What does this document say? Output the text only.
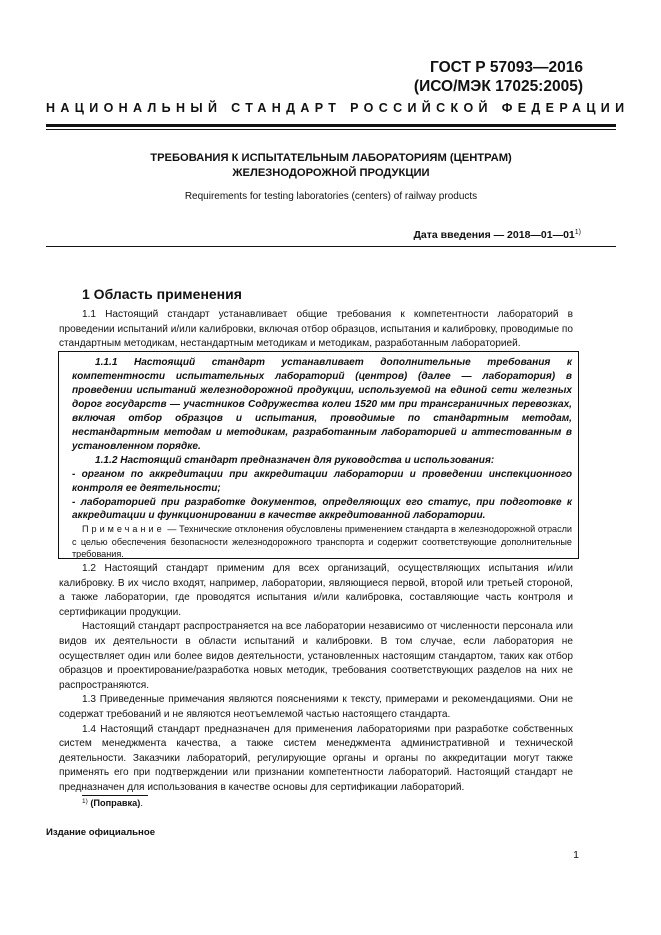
ГОСТ Р 57093—2016
(ИСО/МЭК 17025:2005)
НАЦИОНАЛЬНЫЙ СТАНДАРТ РОССИЙСКОЙ ФЕДЕРАЦИИ
ТРЕБОВАНИЯ К ИСПЫТАТЕЛЬНЫМ ЛАБОРАТОРИЯМ (ЦЕНТРАМ)
ЖЕЛЕЗНОДОРОЖНОЙ ПРОДУКЦИИ
Requirements for testing laboratories (centers) of railway products
Дата введения — 2018—01—01$^{1)}$
1 Область применения

1.1 Настоящий стандарт устанавливает общие требования к компетентности лабораторий в проведении испытаний и/или калибровки, включая отбор образцов, испытания и калибровку, проводимые по стандартным методикам, нестандартным методикам и методикам, разработанным лабораторией.

1.1.1 Настоящий стандарт устанавливает дополнительные требования к компетентности испытательных лабораторий (центров) (далее — лаборатория) в проведении испытаний железнодорожной продукции, используемой на единой сети железных дорог государств — участников Содружества колеи 1520 мм при трансграничных перевозках, включая отбор образцов и испытания, проводимые по стандартным методам, нестандартным методам и методикам, разработанным лабораторией и аттестованным в установленном порядке.

1.1.2 Настоящий стандарт предназначен для руководства и использования:

- органом по аккредитации при аккредитации лаборатории и проведении инспекционного контроля ее деятельности;

- лабораторией при разработке документов, определяющих его статус, при подготовке к аккредитации и функционировании в качестве аккредитованной лаборатории.

Примечание — Технические отклонения обусловлены применением стандарта в железнодорожной отрасли с целью обеспечения безопасности железнодорожного транспорта и содержит соответствующие дополнительные требования.

1.2 Настоящий стандарт применим для всех организаций, осуществляющих испытания и/или калибровку. В их число входят, например, лаборатории, являющиеся первой, второй или третьей стороной, а также лаборатории, где проводятся испытания и/или калибровка, составляющие часть контроля и сертификации продукции.

Настоящий стандарт распространяется на все лаборатории независимо от численности персонала или видов их деятельности в области испытаний и калибровки. В том случае, если лаборатория не осуществляет один или более видов деятельности, установленных настоящим стандартом, таких как отбор образцов и проектирование/разработка новых методик, требования соответствующих разделов на них не распространяются.

1.3 Приведенные примечания являются пояснениями к тексту, примерами и рекомендациями. Они не содержат требований и не являются неотъемлемой частью настоящего стандарта.

1.4 Настоящий стандарт предназначен для применения лабораториями при разработке собственных систем менеджмента качества, а также систем менеджмента административной и технической деятельности. Заказчики лабораторий, регулирующие органы и органы по аккредитации могут также применять его при подтверждении или признании компетентности лабораторий. Настоящий стандарт не предназначен для использования в качестве основы для сертификации лабораторий.

$^{1)}$ (Поправка).
Издание официальное
1
